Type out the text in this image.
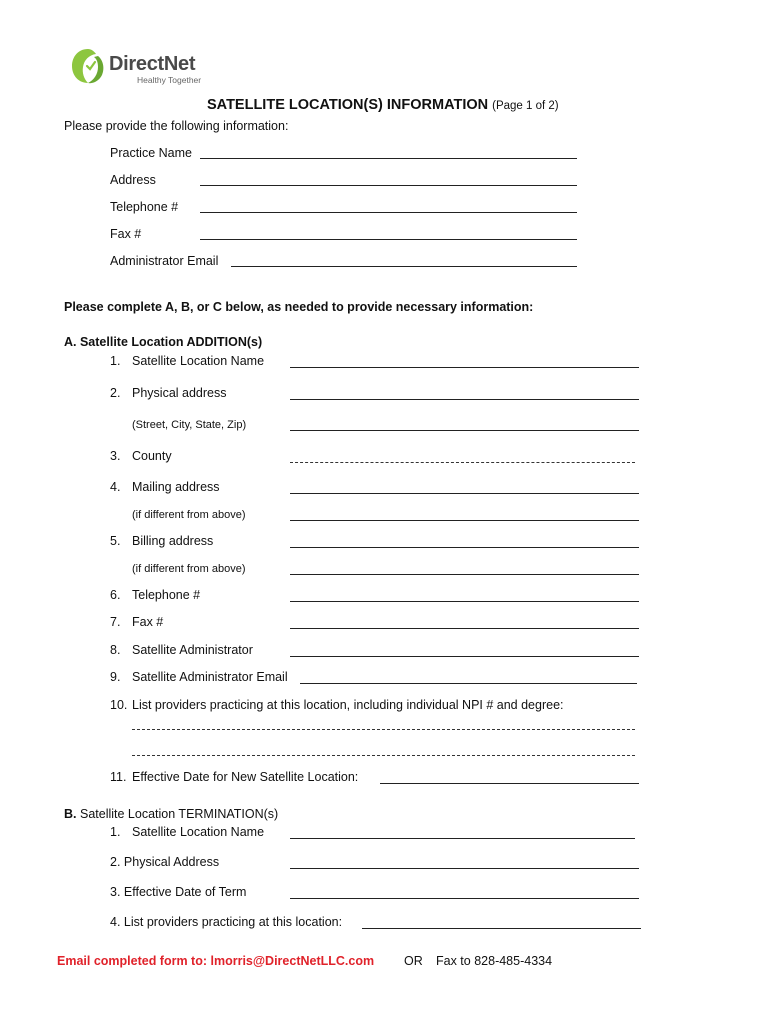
DirectNet
Healthy Together
SATELLITE LOCATION(S) INFORMATION (Page 1 of 2)
Please provide the following information:
Practice Name
Address
Telephone #
Fax #
Administrator Email
Please complete A, B, or C below, as needed to provide necessary information:
A. Satellite Location ADDITION(s)
1. Satellite Location Name
2. Physical address
(Street, City, State, Zip)
3. County
4. Mailing address
(if different from above)
5. Billing address
(if different from above)
6. Telephone #
7. Fax #
8. Satellite Administrator
9. Satellite Administrator Email
10. List providers practicing at this location, including individual NPI # and degree:
11. Effective Date for New Satellite Location:
B. Satellite Location TERMINATION(s)
1. Satellite Location Name
2. Physical Address
3. Effective Date of Term
4. List providers practicing at this location:
Email completed form to: lmorris@DirectNetLLC.com OR Fax to 828-485-4334
